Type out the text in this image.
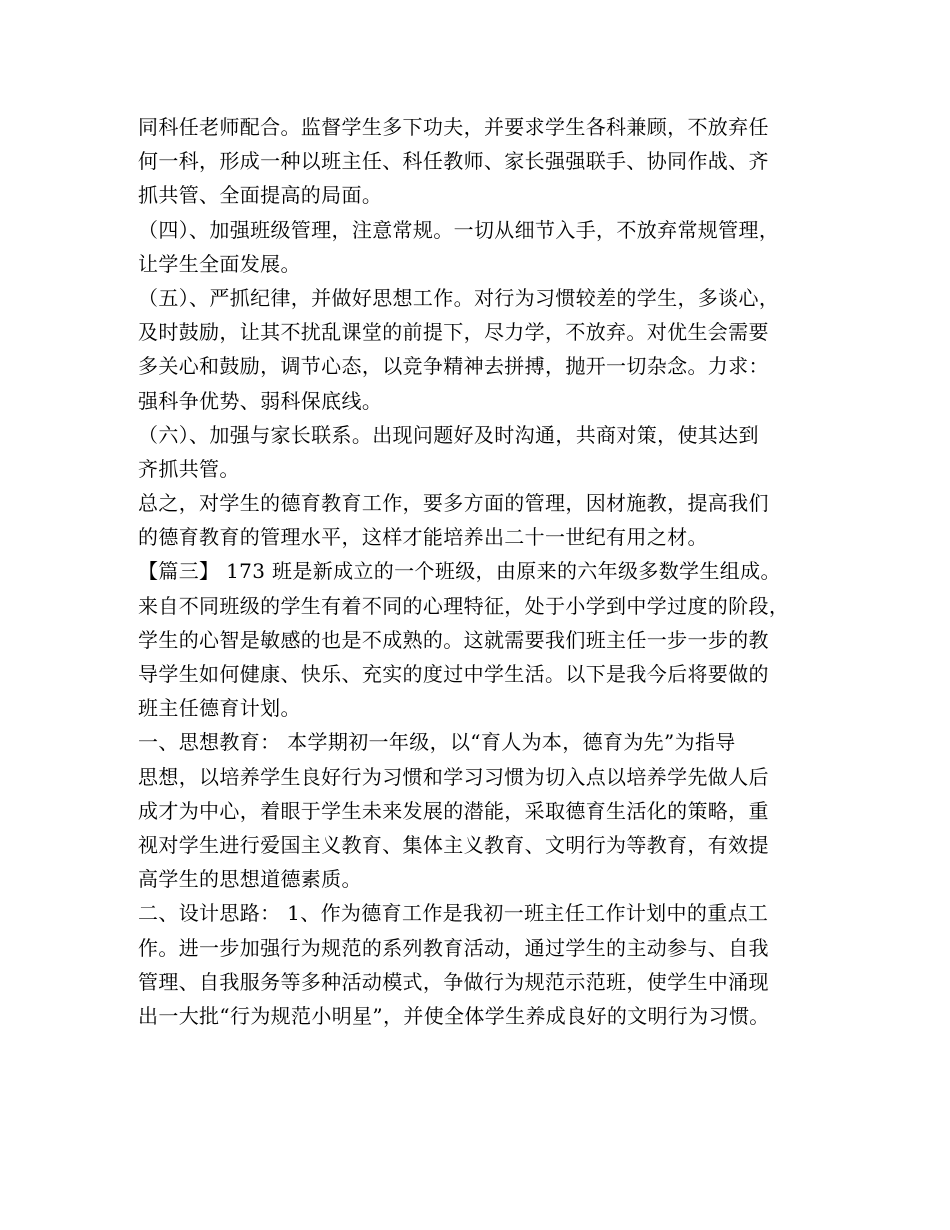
同科任老师配合。监督学生多下功夫，并要求学生各科兼顾，不放弃任
何一科，形成一种以班主任、科任教师、家长强强联手、协同作战、齐
抓共管、全面提高的局面。
（四）、加强班级管理，注意常规。一切从细节入手，不放弃常规管理，
让学生全面发展。
（五）、严抓纪律，并做好思想工作。对行为习惯较差的学生，多谈心，
及时鼓励，让其不扰乱课堂的前提下，尽力学，不放弃。对优生会需要
多关心和鼓励，调节心态，以竞争精神去拼搏，抛开一切杂念。力求：
强科争优势、弱科保底线。
（六）、加强与家长联系。出现问题好及时沟通，共商对策，使其达到
齐抓共管。
总之，对学生的德育教育工作，要多方面的管理，因材施教，提高我们
的德育教育的管理水平，这样才能培养出二十一世纪有用之材。
【篇三】 173 班是新成立的一个班级，由原来的六年级多数学生组成。
来自不同班级的学生有着不同的心理特征，处于小学到中学过度的阶段，
学生的心智是敏感的也是不成熟的。这就需要我们班主任一步一步的教
导学生如何健康、快乐、充实的度过中学生活。以下是我今后将要做的
班主任德育计划。
一、思想教育： 本学期初一年级，以“育人为本，德育为先”为指导
思想，以培养学生良好行为习惯和学习习惯为切入点以培养学先做人后
成才为中心，着眼于学生未来发展的潜能，采取德育生活化的策略，重
视对学生进行爱国主义教育、集体主义教育、文明行为等教育，有效提
高学生的思想道德素质。
二、设计思路： 1、作为德育工作是我初一班主任工作计划中的重点工
作。进一步加强行为规范的系列教育活动，通过学生的主动参与、自我
管理、自我服务等多种活动模式，争做行为规范示范班，使学生中涌现
出一大批“行为规范小明星”，并使全体学生养成良好的文明行为习惯。
